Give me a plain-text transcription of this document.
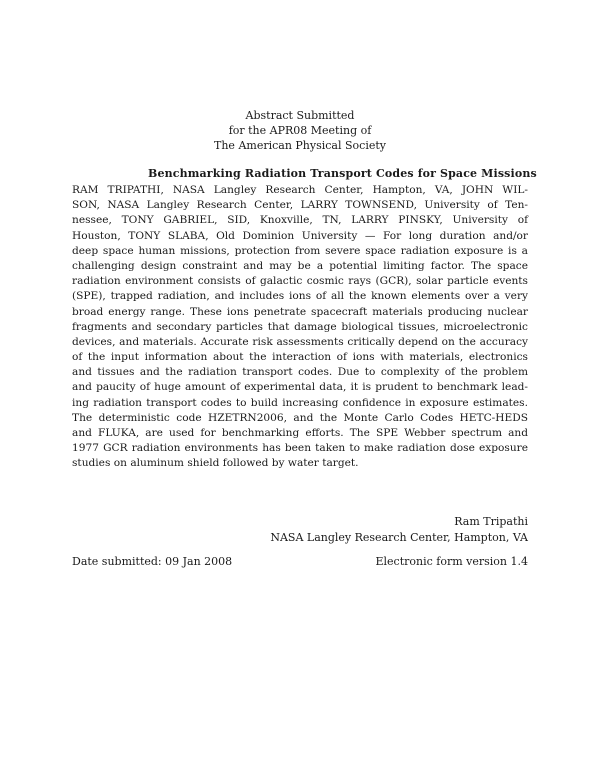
Abstract Submitted
for the APR08 Meeting of
The American Physical Society
Benchmarking Radiation Transport Codes for Space Missions
RAM TRIPATHI, NASA Langley Research Center, Hampton, VA, JOHN WIL-
SON, NASA Langley Research Center, LARRY TOWNSEND, University of Ten-
nessee, TONY GABRIEL, SID, Knoxville, TN, LARRY PINSKY, University of
Houston, TONY SLABA, Old Dominion University — For long duration and/or
deep space human missions, protection from severe space radiation exposure is a
challenging design constraint and may be a potential limiting factor. The space
radiation environment consists of galactic cosmic rays (GCR), solar particle events
(SPE), trapped radiation, and includes ions of all the known elements over a very
broad energy range. These ions penetrate spacecraft materials producing nuclear
fragments and secondary particles that damage biological tissues, microelectronic
devices, and materials. Accurate risk assessments critically depend on the accuracy
of the input information about the interaction of ions with materials, electronics
and tissues and the radiation transport codes. Due to complexity of the problem
and paucity of huge amount of experimental data, it is prudent to benchmark lead-
ing radiation transport codes to build increasing confidence in exposure estimates.
The deterministic code HZETRN2006, and the Monte Carlo Codes HETC-HEDS
and FLUKA, are used for benchmarking efforts. The SPE Webber spectrum and
1977 GCR radiation environments has been taken to make radiation dose exposure
studies on aluminum shield followed by water target.
Ram Tripathi
NASA Langley Research Center, Hampton, VA
Date submitted: 09 Jan 2008	Electronic form version 1.4
